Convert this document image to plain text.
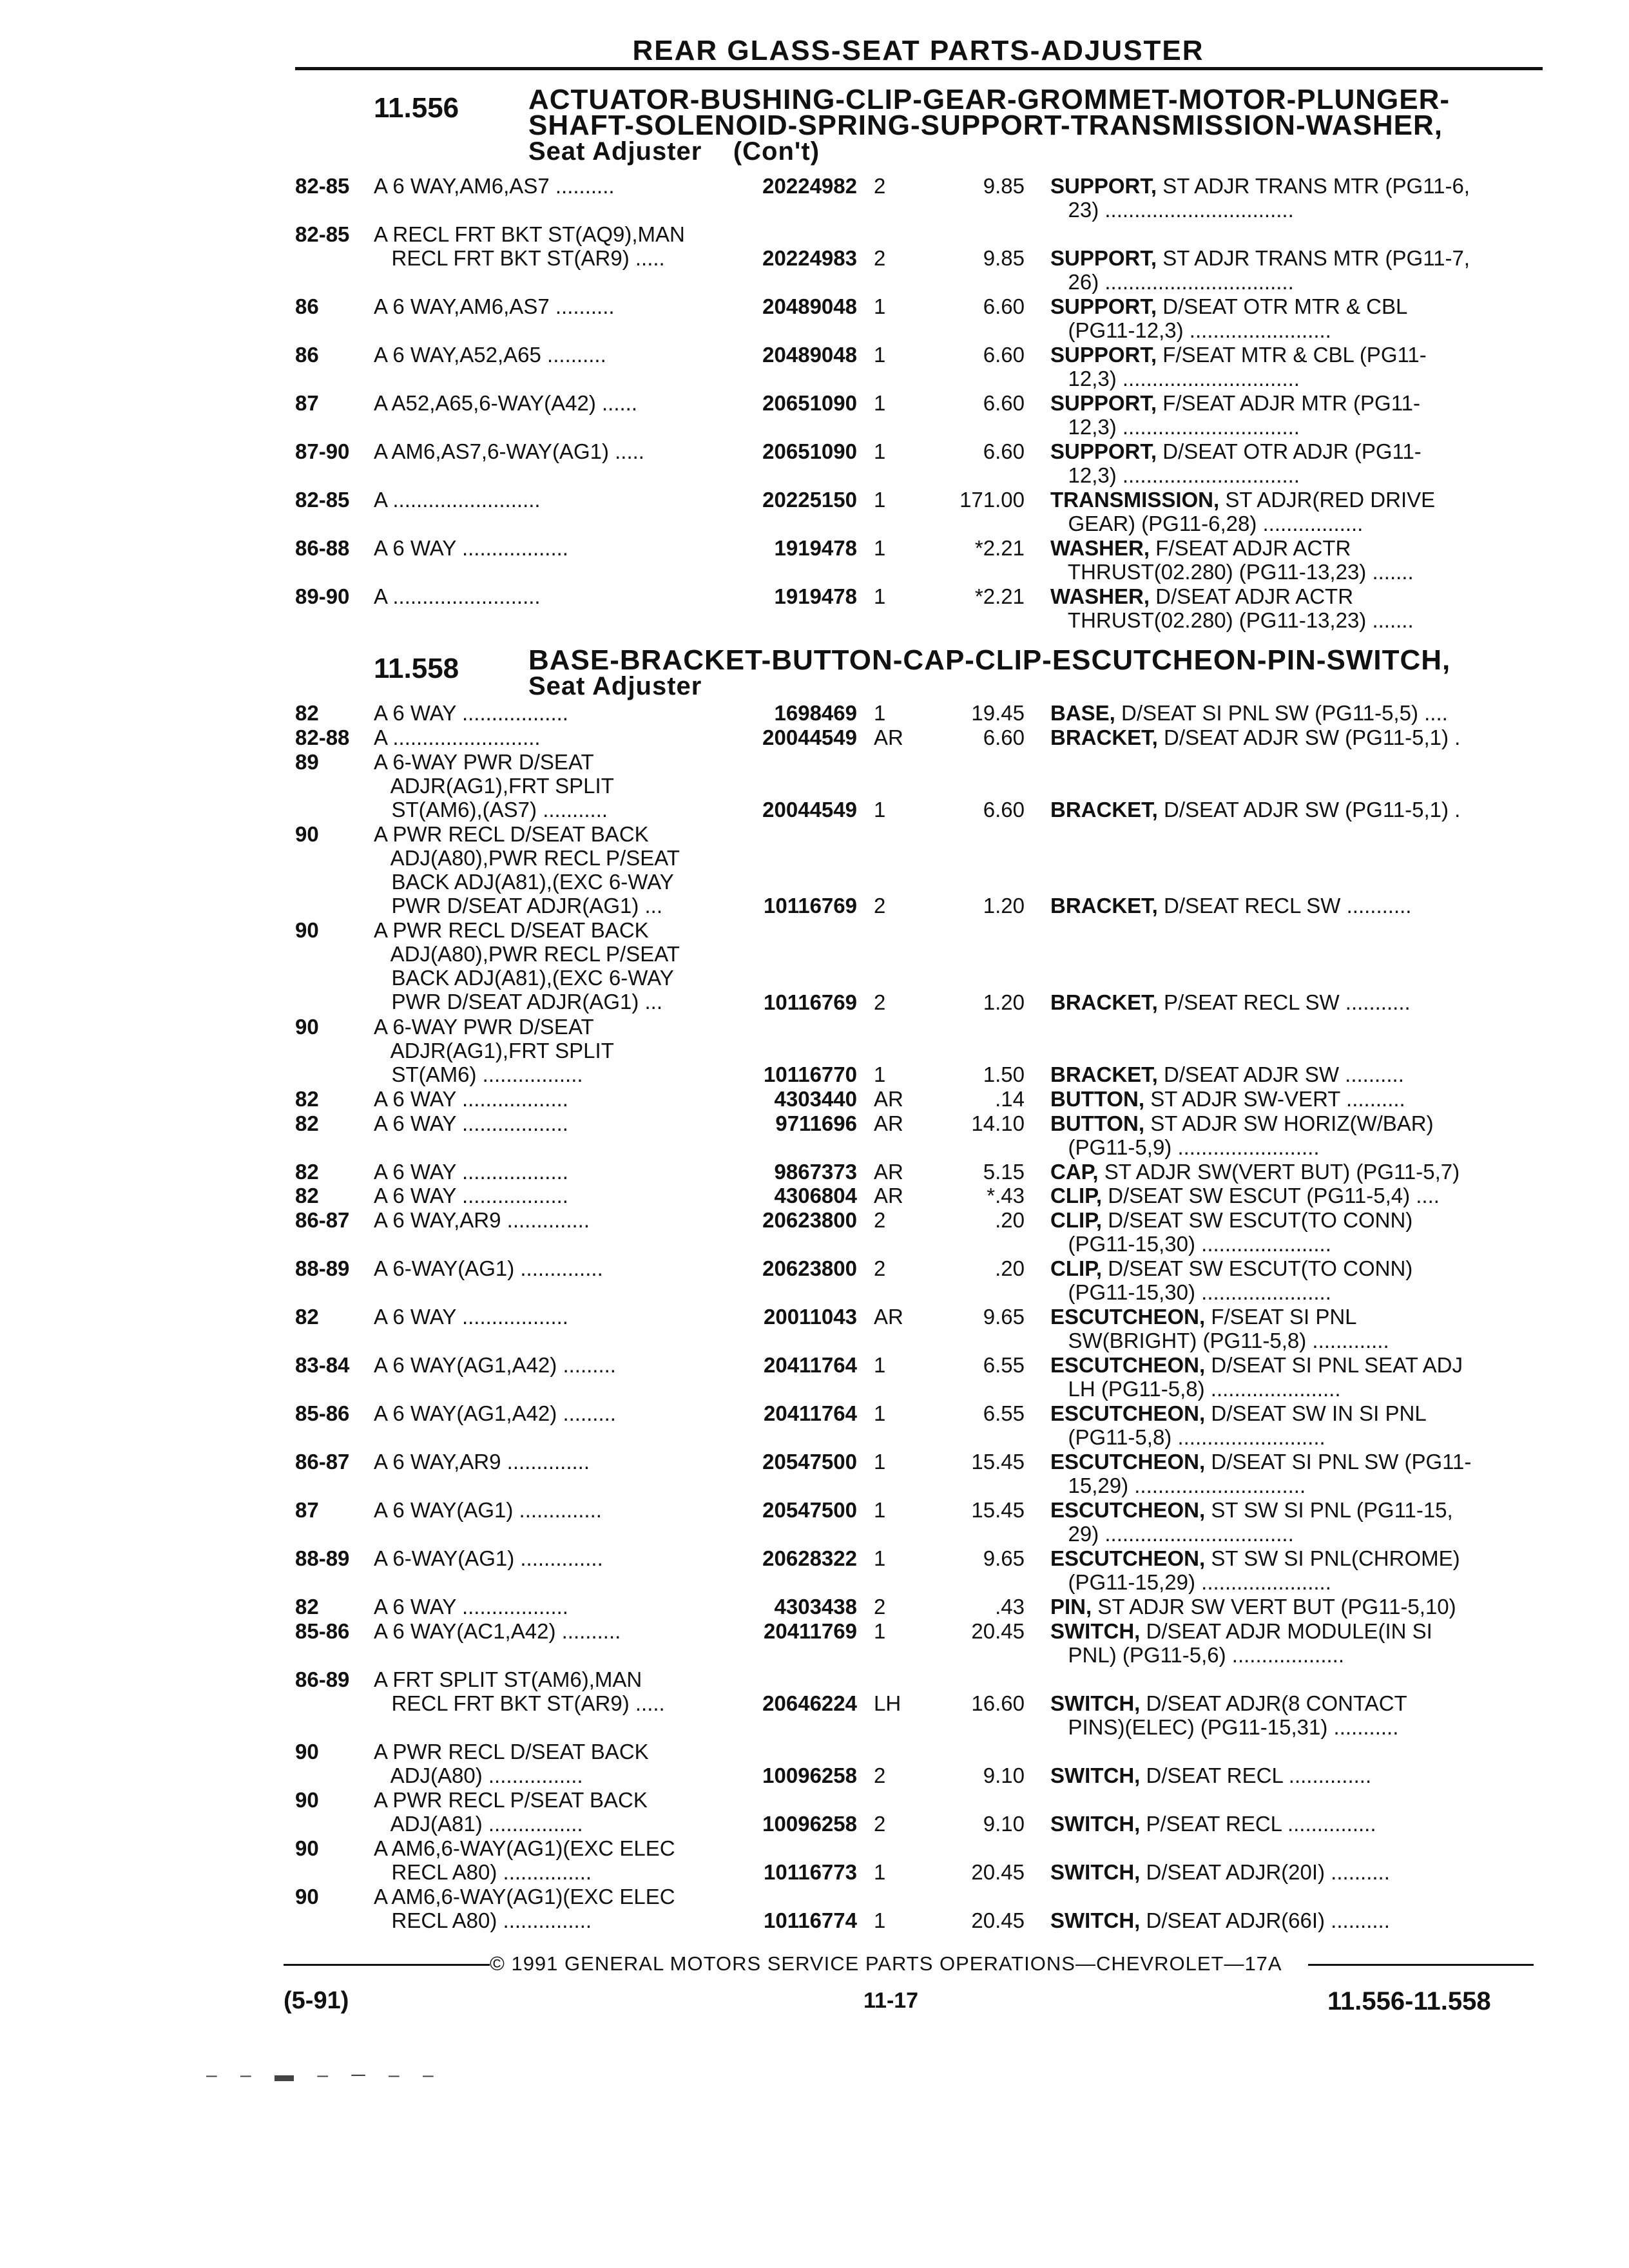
REAR GLASS-SEAT PARTS-ADJUSTER
11.556 ACTUATOR-BUSHING-CLIP-GEAR-GROMMET-MOTOR-PLUNGER-
SHAFT-SOLENOID-SPRING-SUPPORT-TRANSMISSION-WASHER,
Seat Adjuster    (Con't)
82-85	A 6 WAY,AM6,AS7 ..........	20224982 2	9.85 SUPPORT, ST ADJR TRANS MTR (PG11-6,
23) ................................
82-85	A RECL FRT BKT ST(AQ9),MAN
RECL FRT BKT ST(AR9) .....	20224983 2	9.85 SUPPORT, ST ADJR TRANS MTR (PG11-7,
26) ................................
86	A 6 WAY,AM6,AS7 ..........	20489048 1	6.60 SUPPORT, D/SEAT OTR MTR & CBL
(PG11-12,3) ........................
86	A 6 WAY,A52,A65 ..........	20489048 1	6.60 SUPPORT, F/SEAT MTR & CBL (PG11-
12,3) ..............................
87	A A52,A65,6-WAY(A42) ......	20651090 1	6.60 SUPPORT, F/SEAT ADJR MTR (PG11-
12,3) ..............................
87-90	A AM6,AS7,6-WAY(AG1) .....	20651090 1	6.60 SUPPORT, D/SEAT OTR ADJR (PG11-
12,3) ..............................
82-85	A .........................	20225150 1	171.00 TRANSMISSION, ST ADJR(RED DRIVE
GEAR) (PG11-6,28) .................
86-88	A 6 WAY ..................	1919478 1	*2.21 WASHER, F/SEAT ADJR ACTR
THRUST(02.280) (PG11-13,23) .......
89-90	A .........................	1919478 1	*2.21 WASHER, D/SEAT ADJR ACTR
THRUST(02.280) (PG11-13,23) .......
11.558 BASE-BRACKET-BUTTON-CAP-CLIP-ESCUTCHEON-PIN-SWITCH,
Seat Adjuster
82	A 6 WAY ..................	1698469 1	19.45 BASE, D/SEAT SI PNL SW (PG11-5,5) ....
82-88	A .........................	20044549 AR	6.60 BRACKET, D/SEAT ADJR SW (PG11-5,1) .
89	A 6-WAY PWR D/SEAT
ADJR(AG1),FRT SPLIT
ST(AM6),(AS7) ...........	20044549 1	6.60 BRACKET, D/SEAT ADJR SW (PG11-5,1) .
90	A PWR RECL D/SEAT BACK
ADJ(A80),PWR RECL P/SEAT
BACK ADJ(A81),(EXC 6-WAY
PWR D/SEAT ADJR(AG1) ...	10116769 2	1.20 BRACKET, D/SEAT RECL SW ...........
90	A PWR RECL D/SEAT BACK
ADJ(A80),PWR RECL P/SEAT
BACK ADJ(A81),(EXC 6-WAY
PWR D/SEAT ADJR(AG1) ...	10116769 2	1.20 BRACKET, P/SEAT RECL SW ...........
90	A 6-WAY PWR D/SEAT
ADJR(AG1),FRT SPLIT
ST(AM6) .................	10116770 1	1.50 BRACKET, D/SEAT ADJR SW ..........
82	A 6 WAY ..................	4303440 AR	.14 BUTTON, ST ADJR SW-VERT ..........
82	A 6 WAY ..................	9711696 AR	14.10 BUTTON, ST ADJR SW HORIZ(W/BAR)
(PG11-5,9) ........................
82	A 6 WAY ..................	9867373 AR	5.15 CAP, ST ADJR SW(VERT BUT) (PG11-5,7)
82	A 6 WAY ..................	4306804 AR	*.43 CLIP, D/SEAT SW ESCUT (PG11-5,4) ....
86-87	A 6 WAY,AR9 ..............	20623800 2	.20 CLIP, D/SEAT SW ESCUT(TO CONN)
(PG11-15,30) ......................
88-89	A 6-WAY(AG1) ..............	20623800 2	.20 CLIP, D/SEAT SW ESCUT(TO CONN)
(PG11-15,30) ......................
82	A 6 WAY ..................	20011043 AR	9.65 ESCUTCHEON, F/SEAT SI PNL
SW(BRIGHT) (PG11-5,8) .............
83-84	A 6 WAY(AG1,A42) .........	20411764 1	6.55 ESCUTCHEON, D/SEAT SI PNL SEAT ADJ
LH (PG11-5,8) ......................
85-86	A 6 WAY(AG1,A42) .........	20411764 1	6.55 ESCUTCHEON, D/SEAT SW IN SI PNL
(PG11-5,8) .........................
86-87	A 6 WAY,AR9 ..............	20547500 1	15.45 ESCUTCHEON, D/SEAT SI PNL SW (PG11-
15,29) .............................
87	A 6 WAY(AG1) ..............	20547500 1	15.45 ESCUTCHEON, ST SW SI PNL (PG11-15,
29) ................................
88-89	A 6-WAY(AG1) ..............	20628322 1	9.65 ESCUTCHEON, ST SW SI PNL(CHROME)
(PG11-15,29) ......................
82	A 6 WAY ..................	4303438 2	.43 PIN, ST ADJR SW VERT BUT (PG11-5,10)
85-86	A 6 WAY(AC1,A42) ..........	20411769 1	20.45 SWITCH, D/SEAT ADJR MODULE(IN SI
PNL) (PG11-5,6) ...................
86-89	A FRT SPLIT ST(AM6),MAN
RECL FRT BKT ST(AR9) .....	20646224 LH	16.60 SWITCH, D/SEAT ADJR(8 CONTACT
PINS)(ELEC) (PG11-15,31) ...........
90	A PWR RECL D/SEAT BACK
ADJ(A80) ................	10096258 2	9.10 SWITCH, D/SEAT RECL ..............
90	A PWR RECL P/SEAT BACK
ADJ(A81) ................	10096258 2	9.10 SWITCH, P/SEAT RECL ...............
90	A AM6,6-WAY(AG1)(EXC ELEC
RECL A80) ...............	10116773 1	20.45 SWITCH, D/SEAT ADJR(20I) ..........
90	A AM6,6-WAY(AG1)(EXC ELEC
RECL A80) ...............	10116774 1	20.45 SWITCH, D/SEAT ADJR(66I) ..........
© 1991 GENERAL MOTORS SERVICE PARTS OPERATIONS—CHEVROLET—17A
(5-91)	11-17	11.556-11.558
‒ ‒ ▬ ‒ ─ ‒ ‒
